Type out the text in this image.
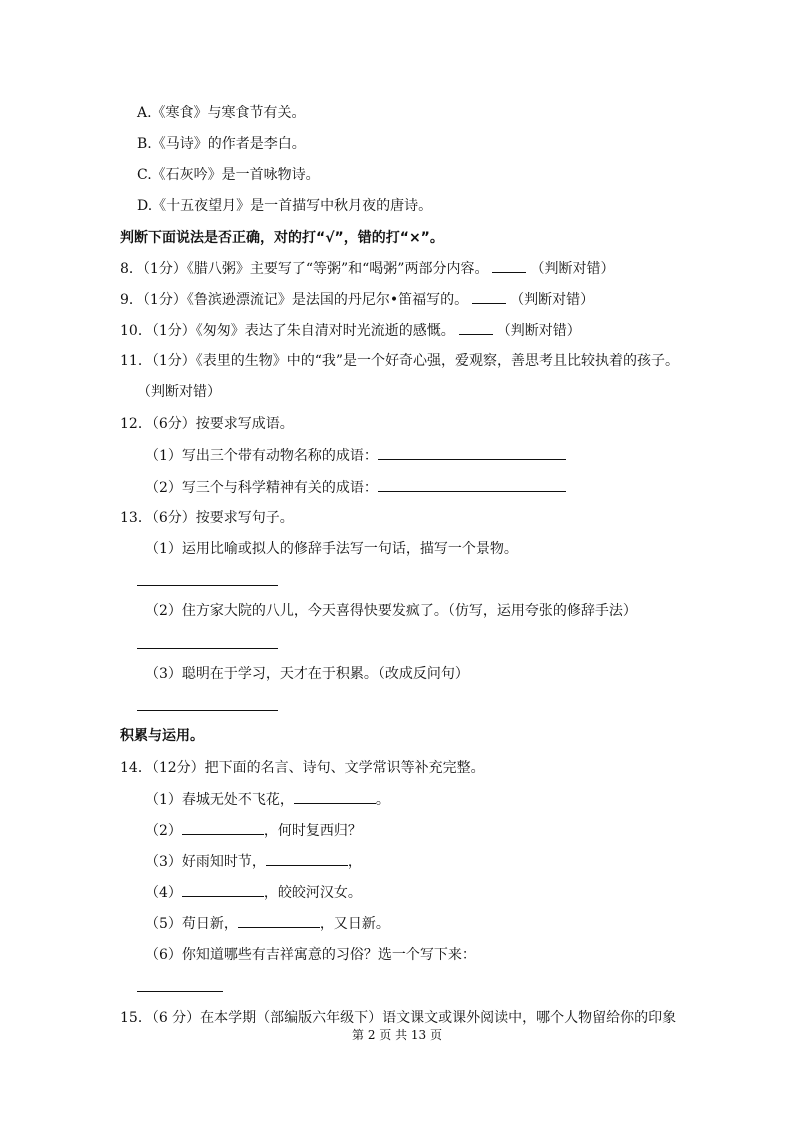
A.《寒食》与寒食节有关。
B.《马诗》的作者是李白。
C.《石灰吟》是一首咏物诗。
D.《十五夜望月》是一首描写中秋月夜的唐诗。
判断下面说法是否正确，对的打“√”，错的打“×”。
8．（1分）《腊八粥》主要写了“等粥”和“喝粥”两部分内容。	（判断对错）
9．（1分）《鲁滨逊漂流记》是法国的丹尼尔•笛福写的。	（判断对错）
10．（1分）《匆匆》表达了朱自清对时光流逝的感慨。	（判断对错）
11．（1分）《表里的生物》中的“我”是一个好奇心强，爱观察，善思考且比较执着的孩子。
（判断对错）
12．（6分）按要求写成语。
（1）写出三个带有动物名称的成语：
（2）写三个与科学精神有关的成语：
13．（6分）按要求写句子。
（1）运用比喻或拟人的修辞手法写一句话，描写一个景物。
（2）住方家大院的八儿，今天喜得快要发疯了。（仿写，运用夸张的修辞手法）
（3）聪明在于学习，天才在于积累。（改成反问句）
积累与运用。
14．（12分）把下面的名言、诗句、文学常识等补充完整。
（1）春城无处不飞花，	。
（2）	，何时复西归？
（3）好雨知时节，	，
（4）	，皎皎河汉女。
（5）苟日新，	，又日新。
（6）你知道哪些有吉祥寓意的习俗？选一个写下来：
15．（6 分）在本学期（部编版六年级下）语文课文或课外阅读中，哪个人物留给你的印象
第 2 页 共 13 页
